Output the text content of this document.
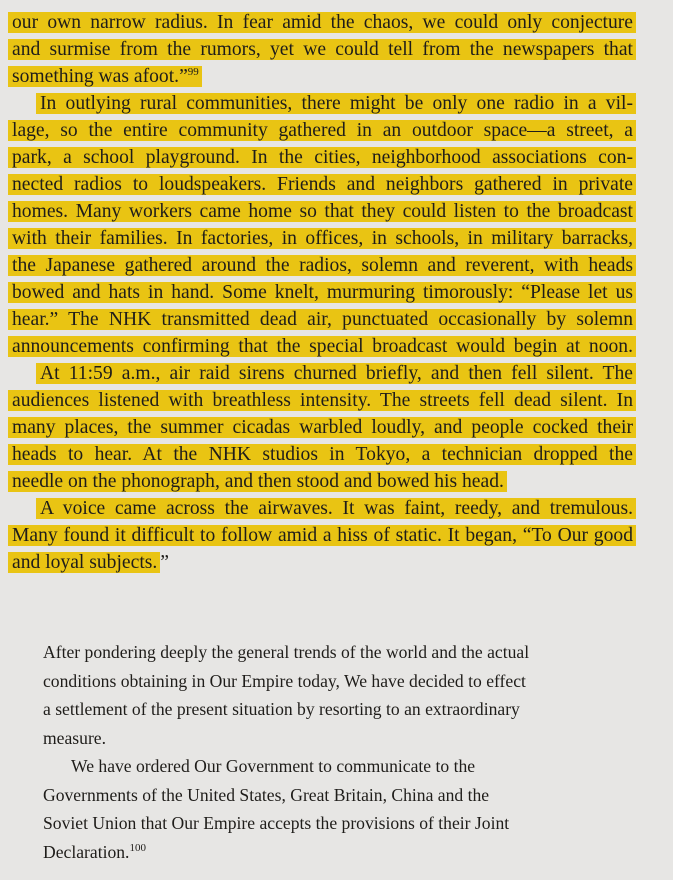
our own narrow radius. In fear amid the chaos, we could only conjecture
and surmise from the rumors, yet we could tell from the newspapers that
something was afoot.”$^{99}$
In outlying rural communities, there might be only one radio in a vil-
lage, so the entire community gathered in an outdoor space—a street, a
park, a school playground. In the cities, neighborhood associations con-
nected radios to loudspeakers. Friends and neighbors gathered in private
homes. Many workers came home so that they could listen to the broadcast
with their families. In factories, in offices, in schools, in military barracks,
the Japanese gathered around the radios, solemn and reverent, with heads
bowed and hats in hand. Some knelt, murmuring timorously: “Please let us
hear.” The NHK transmitted dead air, punctuated occasionally by solemn
announcements confirming that the special broadcast would begin at noon.
At 11:59 a.m., air raid sirens churned briefly, and then fell silent. The
audiences listened with breathless intensity. The streets fell dead silent. In
many places, the summer cicadas warbled loudly, and people cocked their
heads to hear. At the NHK studios in Tokyo, a technician dropped the
needle on the phonograph, and then stood and bowed his head.
A voice came across the airwaves. It was faint, reedy, and tremulous.
Many found it difficult to follow amid a hiss of static. It began, “To Our good
and loyal subjects. ”
After pondering deeply the general trends of the world and the actual
conditions obtaining in Our Empire today, We have decided to effect
a settlement of the present situation by resorting to an extraordinary
measure.
We have ordered Our Government to communicate to the
Governments of the United States, Great Britain, China and the
Soviet Union that Our Empire accepts the provisions of their Joint
Declaration.$^{100}$
